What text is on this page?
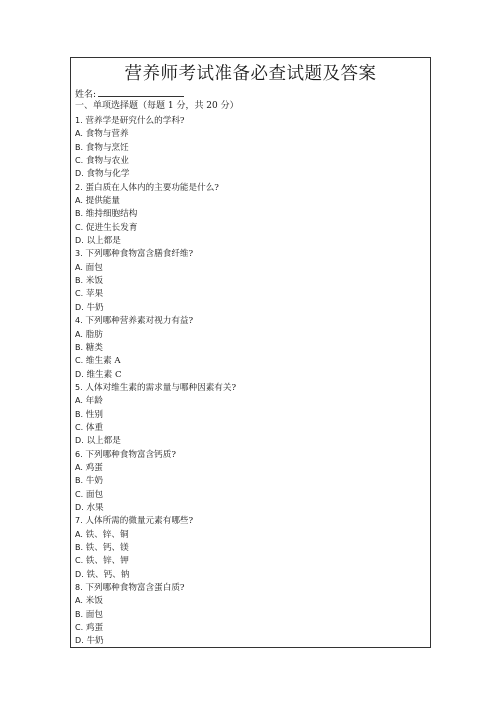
营养师考试准备必查试题及答案
姓名:
一、单项选择题（每题 1 分，共 20 分）
1. 营养学是研究什么的学科?
A. 食物与营养
B. 食物与烹饪
C. 食物与农业
D. 食物与化学
2. 蛋白质在人体内的主要功能是什么?
A. 提供能量
B. 维持细胞结构
C. 促进生长发育
D. 以上都是
3. 下列哪种食物富含膳食纤维?
A. 面包
B. 米饭
C. 苹果
D. 牛奶
4. 下列哪种营养素对视力有益?
A. 脂肪
B. 糖类
C. 维生素 A
D. 维生素 C
5. 人体对维生素的需求量与哪种因素有关?
A. 年龄
B. 性别
C. 体重
D. 以上都是
6. 下列哪种食物富含钙质?
A. 鸡蛋
B. 牛奶
C. 面包
D. 水果
7. 人体所需的微量元素有哪些?
A. 铁、锌、铜
B. 铁、钙、镁
C. 铁、锌、钾
D. 铁、钙、钠
8. 下列哪种食物富含蛋白质?
A. 米饭
B. 面包
C. 鸡蛋
D. 牛奶
